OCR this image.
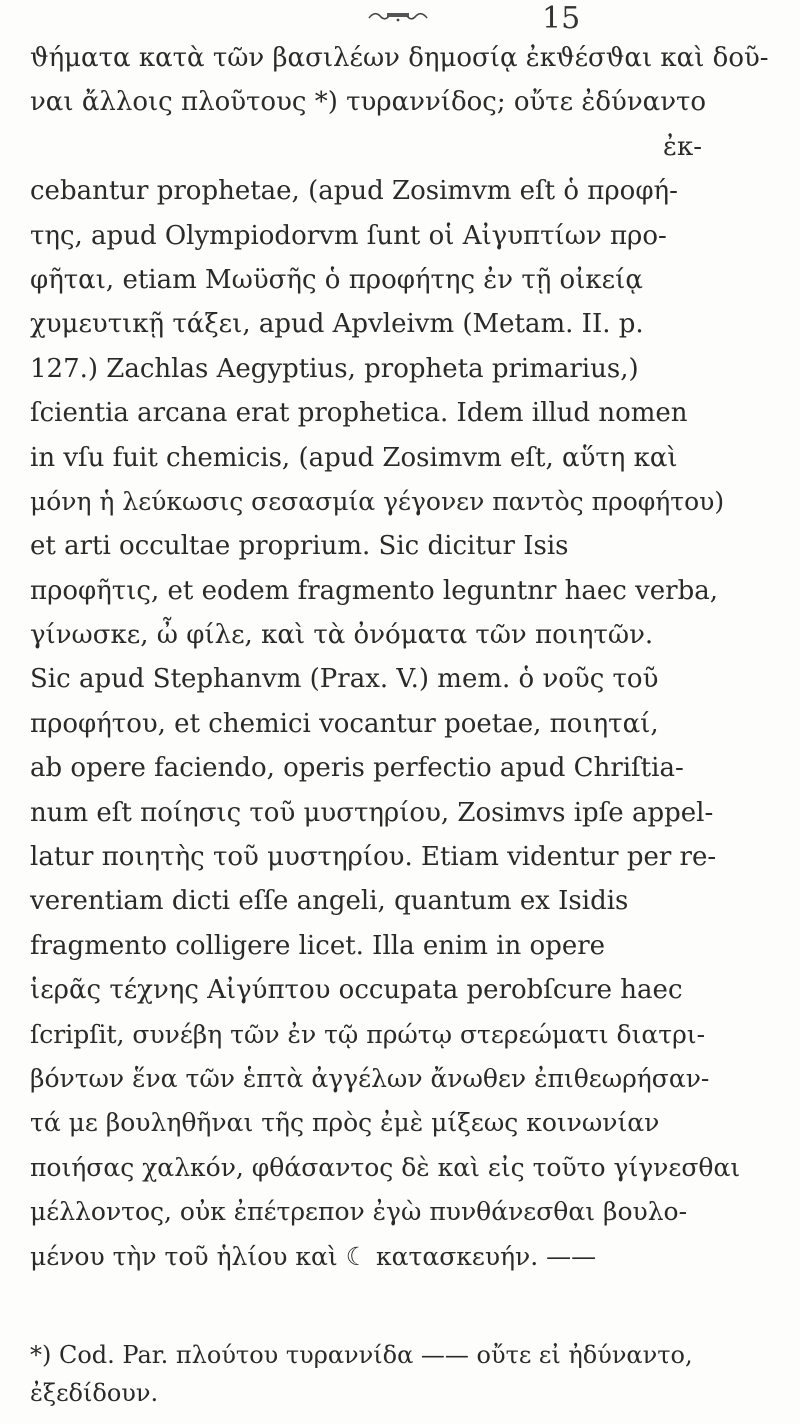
15
ϑήματα κατὰ τῶν βασιλέων δημοσίᾳ ἐκϑέσϑαι καὶ δοῦ-
ναι ἄλλοις πλοῦτους *) τυραννίδος; οὔτε ἐδύναντο
ἐκ-
cebantur prophetae, (apud Zosimvm eſt ὁ προφή-
της, apud Olympiodorvm ſunt οἱ Αἰγυπτίων προ-
φῆται, etiam Μωϋσῆς ὁ προφήτης ἐν τῇ οἰκείᾳ
χυμευτικῇ τάξει, apud Apvleivm (Metam. II. p.
127.) Zachlas Aegyptius, propheta primarius,)
ſcientia arcana erat prophetica. Idem illud nomen
in vſu fuit chemicis, (apud Zosimvm eſt, αὕτη καὶ
μόνη ἡ λεύκωσις σεσασμία γέγονεν παντὸς προφήτου)
et arti occultae proprium. Sic dicitur Isis
προφῆτις, et eodem fragmento leguntnr haec verba,
γίνωσκε, ὦ φίλε, καὶ τὰ ὀνόματα τῶν ποιητῶν.
Sic apud Stephanvm (Prax. V.) mem. ὁ νοῦς τοῦ
προφήτου, et chemici vocantur poetae, ποιηταί,
ab opere faciendo, operis perfectio apud Chriſtia-
num eſt ποίησις τοῦ μυστηρίου, Zosimvs ipſe appel-
latur ποιητὴς τοῦ μυστηρίου. Etiam videntur per re-
verentiam dicti eſſe angeli, quantum ex Isidis
fragmento colligere licet. Illa enim in opere
ἱερᾶς τέχνης Αἰγύπτου occupata perobſcure haec
ſcripſit, συνέβη τῶν ἐν τῷ πρώτῳ στερεώματι διατρι-
βόντων ἕνα τῶν ἑπτὰ ἀγγέλων ἄνωθεν ἐπιθεωρήσαν-
τά με βουληθῆναι τῆς πρὸς ἐμὲ μίξεως κοινωνίαν
ποιήσας χαλκόν, φθάσαντος δὲ καὶ εἰς τοῦτο γίγνεσθαι
μέλλοντος, οὐκ ἐπέτρεπον ἐγὼ πυνθάνεσθαι βουλο-
μένου τὴν τοῦ ἡλίου καὶ ☾ κατασκευήν. ——
*) Cod. Par. πλούτου τυραννίδα —— οὔτε εἰ ἠδύναντο,
ἐξεδίδουν.
